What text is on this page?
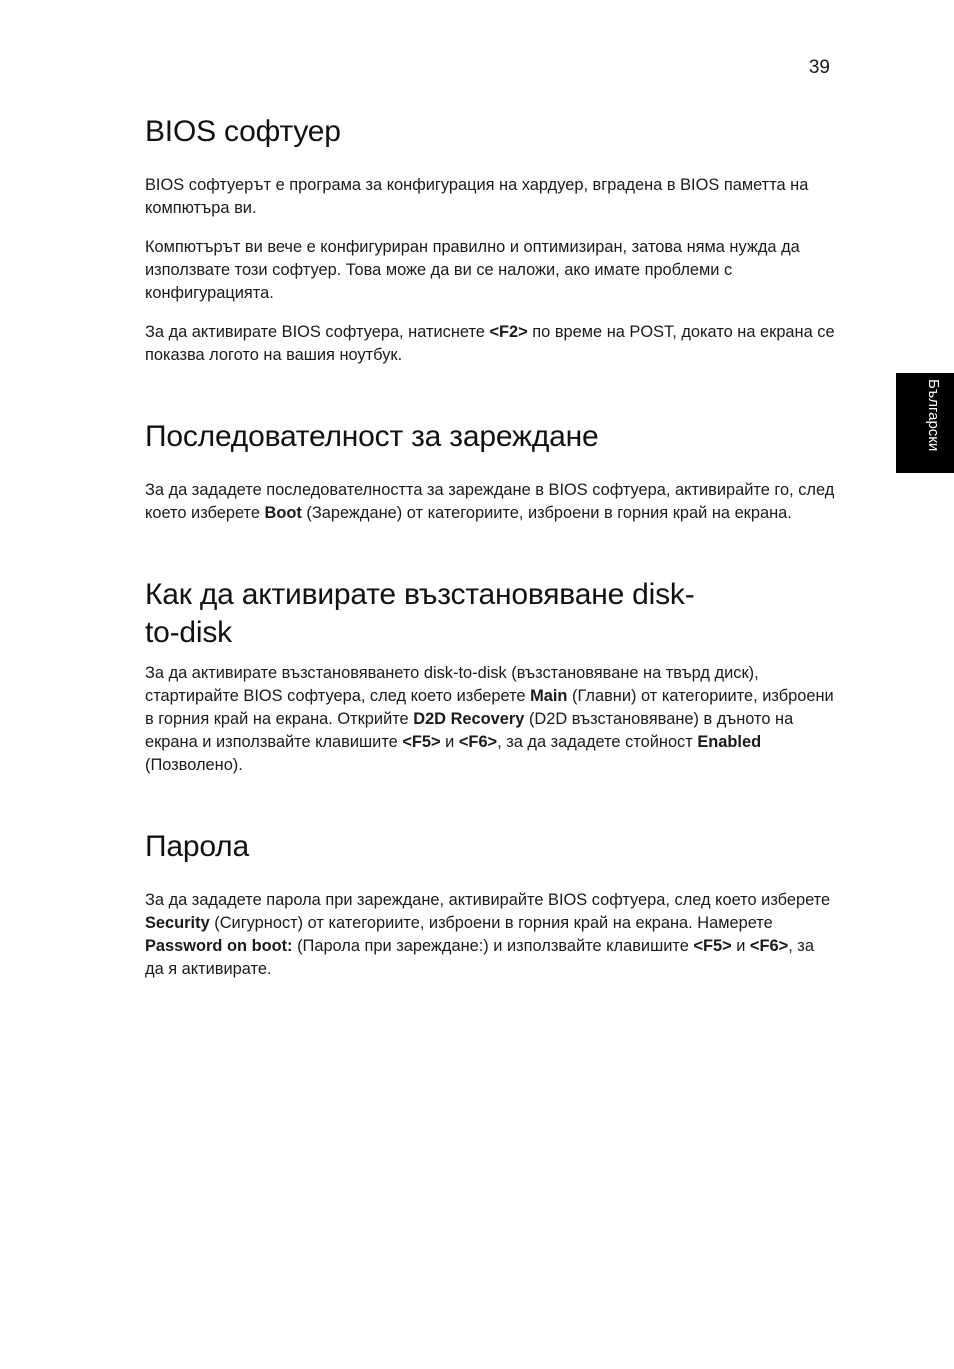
39
Български
BIOS софтуер

BIOS софтуерът е програма за конфигурация на хардуер, вградена в BIOS паметта на компютъра ви.

Компютърът ви вече е конфигуриран правилно и оптимизиран, затова няма нужда да използвате този софтуер. Това може да ви се наложи, ако имате проблеми с конфигурацията.

За да активирате BIOS софтуера, натиснете <F2> по време на POST, докато на екрана се показва логото на вашия ноутбук.

Последователност за зареждане

За да зададете последователността за зареждане в BIOS софтуера, активирайте го, след което изберете Boot (Зареждане) от категориите, изброени в горния край на екрана.

Как да активирате възстановяване disk-to-disk

За да активирате възстановяването disk-to-disk (възстановяване на твърд диск), стартирайте BIOS софтуера, след което изберете Main (Главни) от категориите, изброени в горния край на екрана. Открийте D2D Recovery (D2D възстановяване) в дъното на екрана и използвайте клавишите <F5> и <F6>, за да зададете стойност Enabled (Позволено).

Парола

За да зададете парола при зареждане, активирайте BIOS софтуера, след което изберете Security (Сигурност) от категориите, изброени в горния край на екрана. Намерете Password on boot: (Парола при зареждане:) и използвайте клавишите <F5> и <F6>, за да я активирате.
